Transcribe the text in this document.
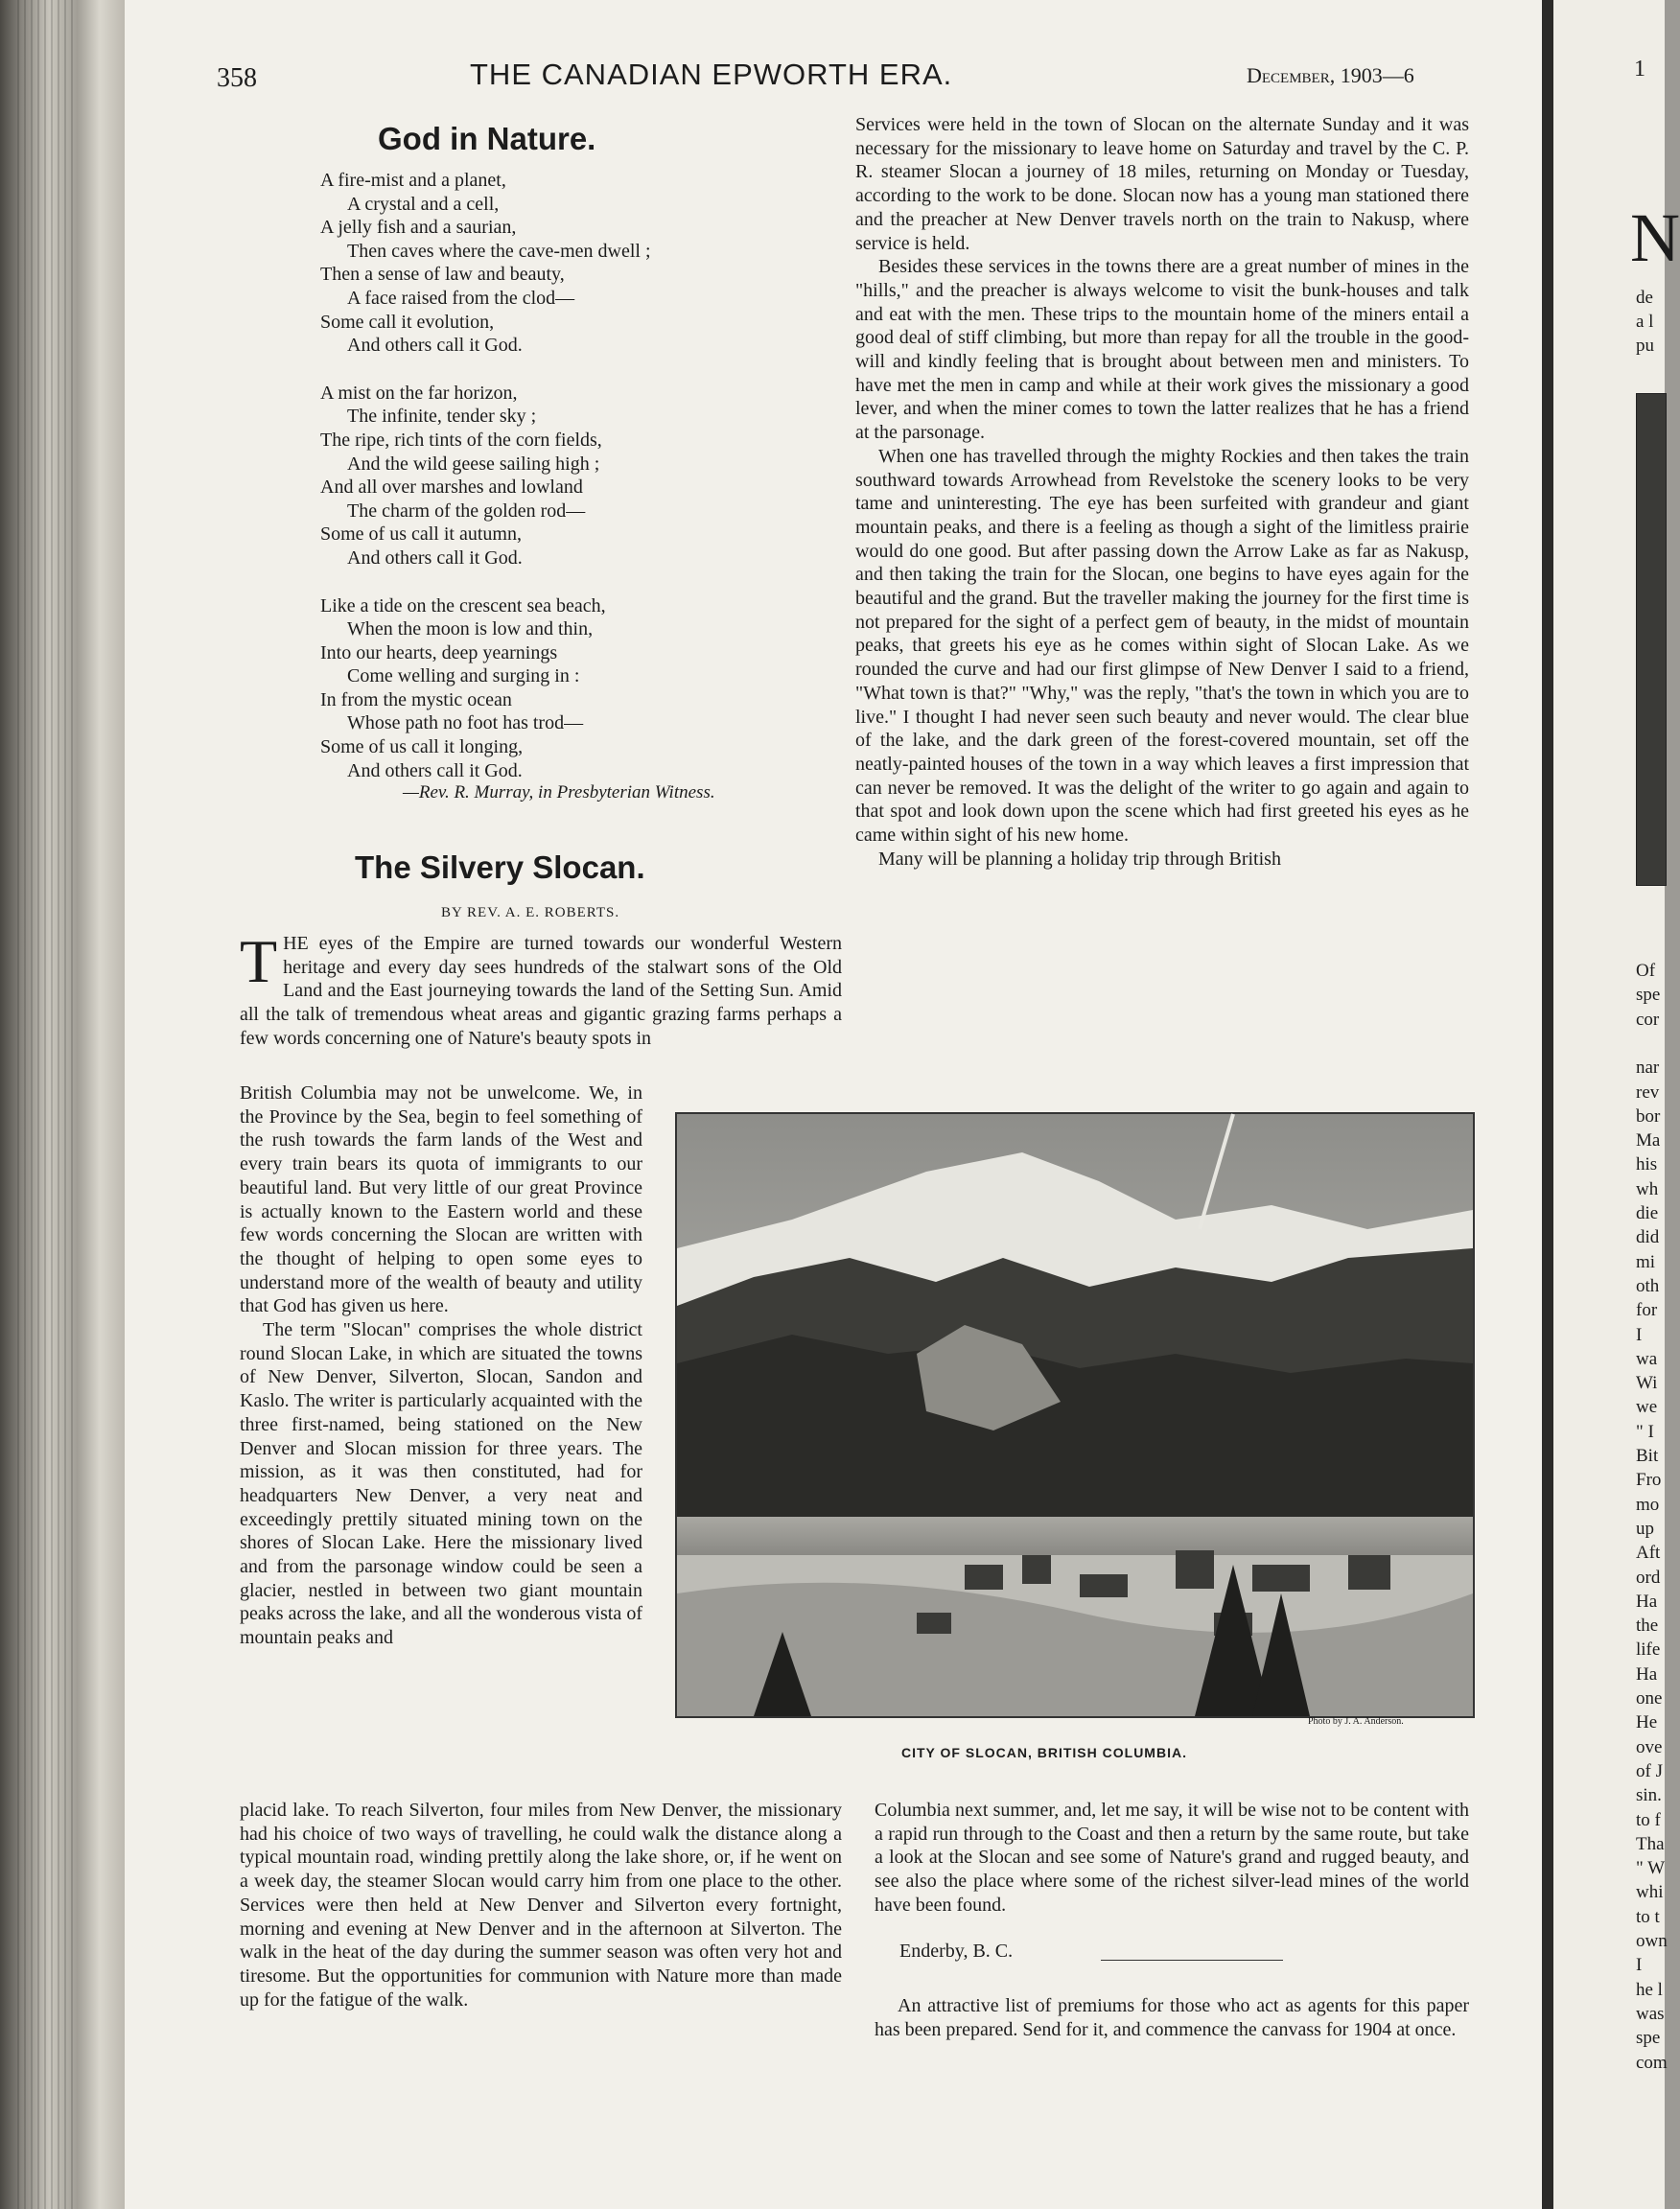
358	THE CANADIAN EPWORTH ERA.	December, 1903—6
God in Nature.
A fire-mist and a planet,
A crystal and a cell,
A jelly fish and a saurian,
Then caves where the cave-men dwell ;
Then a sense of law and beauty,
A face raised from the clod—
Some call it evolution,
And others call it God.
A mist on the far horizon,
The infinite, tender sky ;
The ripe, rich tints of the corn fields,
And the wild geese sailing high ;
And all over marshes and lowland
The charm of the golden rod—
Some of us call it autumn,
And others call it God.
Like a tide on the crescent sea beach,
When the moon is low and thin,
Into our hearts, deep yearnings
Come welling and surging in :
In from the mystic ocean
Whose path no foot has trod—
Some of us call it longing,
And others call it God.
—Rev. R. Murray, in Presbyterian Witness.
The Silvery Slocan.
BY REV. A. E. ROBERTS.

THE eyes of the Empire are turned towards our wonderful Western heritage and every day sees hundreds of the stalwart sons of the Old Land and the East journeying towards the land of the Setting Sun. Amid all the talk of tremendous wheat areas and gigantic grazing farms perhaps a few words concerning one of Nature's beauty spots in

British Columbia may not be unwelcome. We, in the Province by the Sea, begin to feel something of the rush towards the farm lands of the West and every train bears its quota of immigrants to our beautiful land. But very little of our great Province is actually known to the Eastern world and these few words concerning the Slocan are written with the thought of helping to open some eyes to understand more of the wealth of beauty and utility that God has given us here.

The term "Slocan" comprises the whole district round Slocan Lake, in which are situated the towns of New Denver, Silverton, Slocan, Sandon and Kaslo. The writer is particularly acquainted with the three first-named, being stationed on the New Denver and Slocan mission for three years. The mission, as it was then constituted, had for headquarters New Denver, a very neat and exceedingly prettily situated mining town on the shores of Slocan Lake. Here the missionary lived and from the parsonage window could be seen a glacier, nestled in between two giant mountain peaks across the lake, and all the wonderous vista of mountain peaks and

placid lake. To reach Silverton, four miles from New Denver, the missionary had his choice of two ways of travelling, he could walk the distance along a typical mountain road, winding prettily along the lake shore, or, if he went on a week day, the steamer Slocan would carry him from one place to the other. Services were then held at New Denver and Silverton every fortnight, morning and evening at New Denver and in the afternoon at Silverton. The walk in the heat of the day during the summer season was often very hot and tiresome. But the opportunities for communion with Nature more than made up for the fatigue of the walk.

Services were held in the town of Slocan on the alternate Sunday and it was necessary for the missionary to leave home on Saturday and travel by the C. P. R. steamer Slocan a journey of 18 miles, returning on Monday or Tuesday, according to the work to be done. Slocan now has a young man stationed there and the preacher at New Denver travels north on the train to Nakusp, where service is held.

Besides these services in the towns there are a great number of mines in the "hills," and the preacher is always welcome to visit the bunk-houses and talk and eat with the men. These trips to the mountain home of the miners entail a good deal of stiff climbing, but more than repay for all the trouble in the good-will and kindly feeling that is brought about between men and ministers. To have met the men in camp and while at their work gives the missionary a good lever, and when the miner comes to town the latter realizes that he has a friend at the parsonage.

When one has travelled through the mighty Rockies and then takes the train southward towards Arrowhead from Revelstoke the scenery looks to be very tame and uninteresting. The eye has been surfeited with grandeur and giant mountain peaks, and there is a feeling as though a sight of the limitless prairie would do one good. But after passing down the Arrow Lake as far as Nakusp, and then taking the train for the Slocan, one begins to have eyes again for the beautiful and the grand. But the traveller making the journey for the first time is not prepared for the sight of a perfect gem of beauty, in the midst of mountain peaks, that greets his eye as he comes within sight of Slocan Lake. As we rounded the curve and had our first glimpse of New Denver I said to a friend, "What town is that?" "Why," was the reply, "that's the town in which you are to live." I thought I had never seen such beauty and never would. The clear blue of the lake, and the dark green of the forest-covered mountain, set off the neatly-painted houses of the town in a way which leaves a first impression that can never be removed. It was the delight of the writer to go again and again to that spot and look down upon the scene which had first greeted his eyes as he came within sight of his new home.

Many will be planning a holiday trip through British

Photo by J. A. Anderson.
CITY OF SLOCAN, BRITISH COLUMBIA.

Columbia next summer, and, let me say, it will be wise not to be content with a rapid run through to the Coast and then a return by the same route, but take a look at the Slocan and see some of Nature's grand and rugged beauty, and see also the place where some of the richest silver-lead mines of the world have been found.

Enderby, B. C.

An attractive list of premiums for those who act as agents for this paper has been prepared. Send for it, and commence the canvass for 1904 at once.

1
N
de
a l
pu
Of
spe
cor
nar
rev
bor
Ma
his
wh
die
did
mi
oth
for
I
wa
Wi
we
" I
Bit
Fro
mo
up
Aft
ord
Ha
the
life
Ha
one
He
ove
of J
sin.
to f
Tha
" W
whi
to t
own
I
he l
was
spe
com
